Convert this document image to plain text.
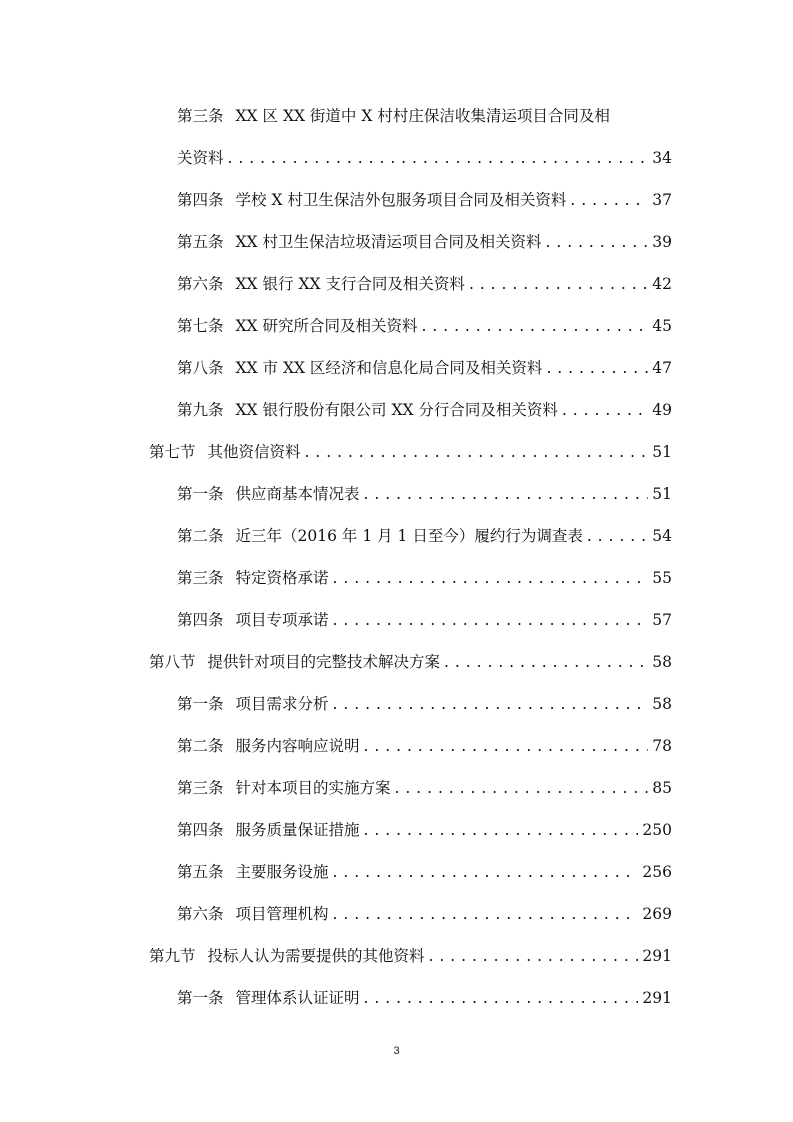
第三条 XX 区 XX 街道中 X 村村庄保洁收集清运项目合同及相
关资料 . . .	34
第四条 学校 X 村卫生保洁外包服务项目合同及相关资料 . . .	37
第五条 XX 村卫生保洁垃圾清运项目合同及相关资料 . . .	39
第六条 XX 银行 XX 支行合同及相关资料 . . .	42
第七条 XX 研究所合同及相关资料 . . .	45
第八条 XX 市 XX 区经济和信息化局合同及相关资料 . . .	47
第九条 XX 银行股份有限公司 XX 分行合同及相关资料 . . .	49
第七节 其他资信资料 . . .	51
第一条 供应商基本情况表 . . .	51
第二条 近三年（2016 年 1 月 1 日至今）履约行为调查表 . . .	54
第三条 特定资格承诺 . . .	55
第四条 项目专项承诺 . . .	57
第八节 提供针对项目的完整技术解决方案 . . .	58
第一条 项目需求分析 . . .	58
第二条 服务内容响应说明 . . .	78
第三条 针对本项目的实施方案 . . .	85
第四条 服务质量保证措施 . . .	250
第五条 主要服务设施 . . .	256
第六条 项目管理机构 . . .	269
第九节 投标人认为需要提供的其他资料 . . .	291
第一条 管理体系认证证明 . . .	291
3
